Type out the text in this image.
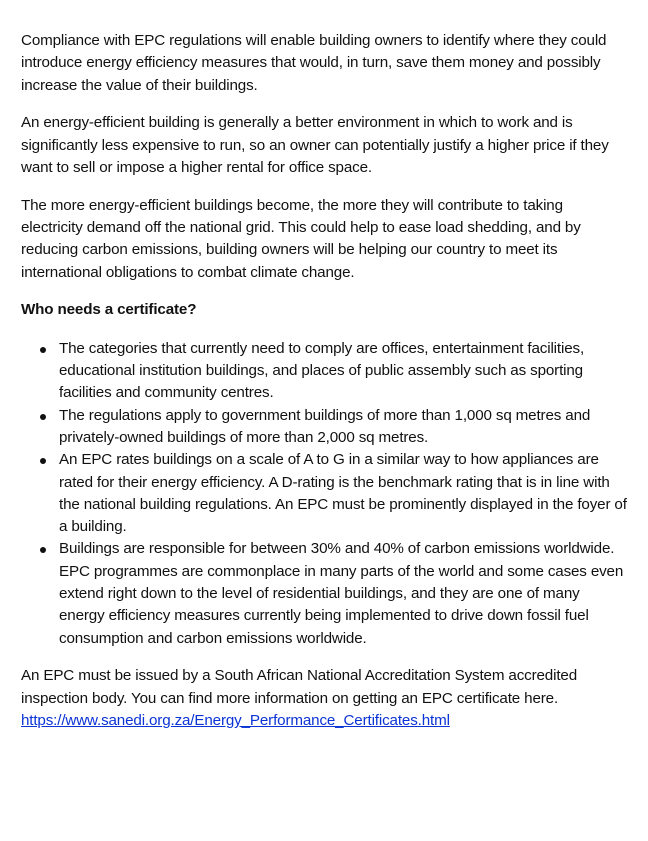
Compliance with EPC regulations will enable building owners to identify where they could introduce energy efficiency measures that would, in turn, save them money and possibly increase the value of their buildings.

An energy-efficient building is generally a better environment in which to work and is significantly less expensive to run, so an owner can potentially justify a higher price if they want to sell or impose a higher rental for office space.

The more energy-efficient buildings become, the more they will contribute to taking electricity demand off the national grid. This could help to ease load shedding, and by reducing carbon emissions, building owners will be helping our country to meet its international obligations to combat climate change.

Who needs a certificate?

The categories that currently need to comply are offices, entertainment facilities, educational institution buildings, and places of public assembly such as sporting facilities and community centres.
The regulations apply to government buildings of more than 1,000 sq metres and privately-owned buildings of more than 2,000 sq metres.
An EPC rates buildings on a scale of A to G in a similar way to how appliances are rated for their energy efficiency. A D-rating is the benchmark rating that is in line with the national building regulations. An EPC must be prominently displayed in the foyer of a building.
Buildings are responsible for between 30% and 40% of carbon emissions worldwide. EPC programmes are commonplace in many parts of the world and some cases even extend right down to the level of residential buildings, and they are one of many energy efficiency measures currently being implemented to drive down fossil fuel consumption and carbon emissions worldwide.

An EPC must be issued by a South African National Accreditation System accredited inspection body. You can find more information on getting an EPC certificate here.

https://www.sanedi.org.za/Energy_Performance_Certificates.html
